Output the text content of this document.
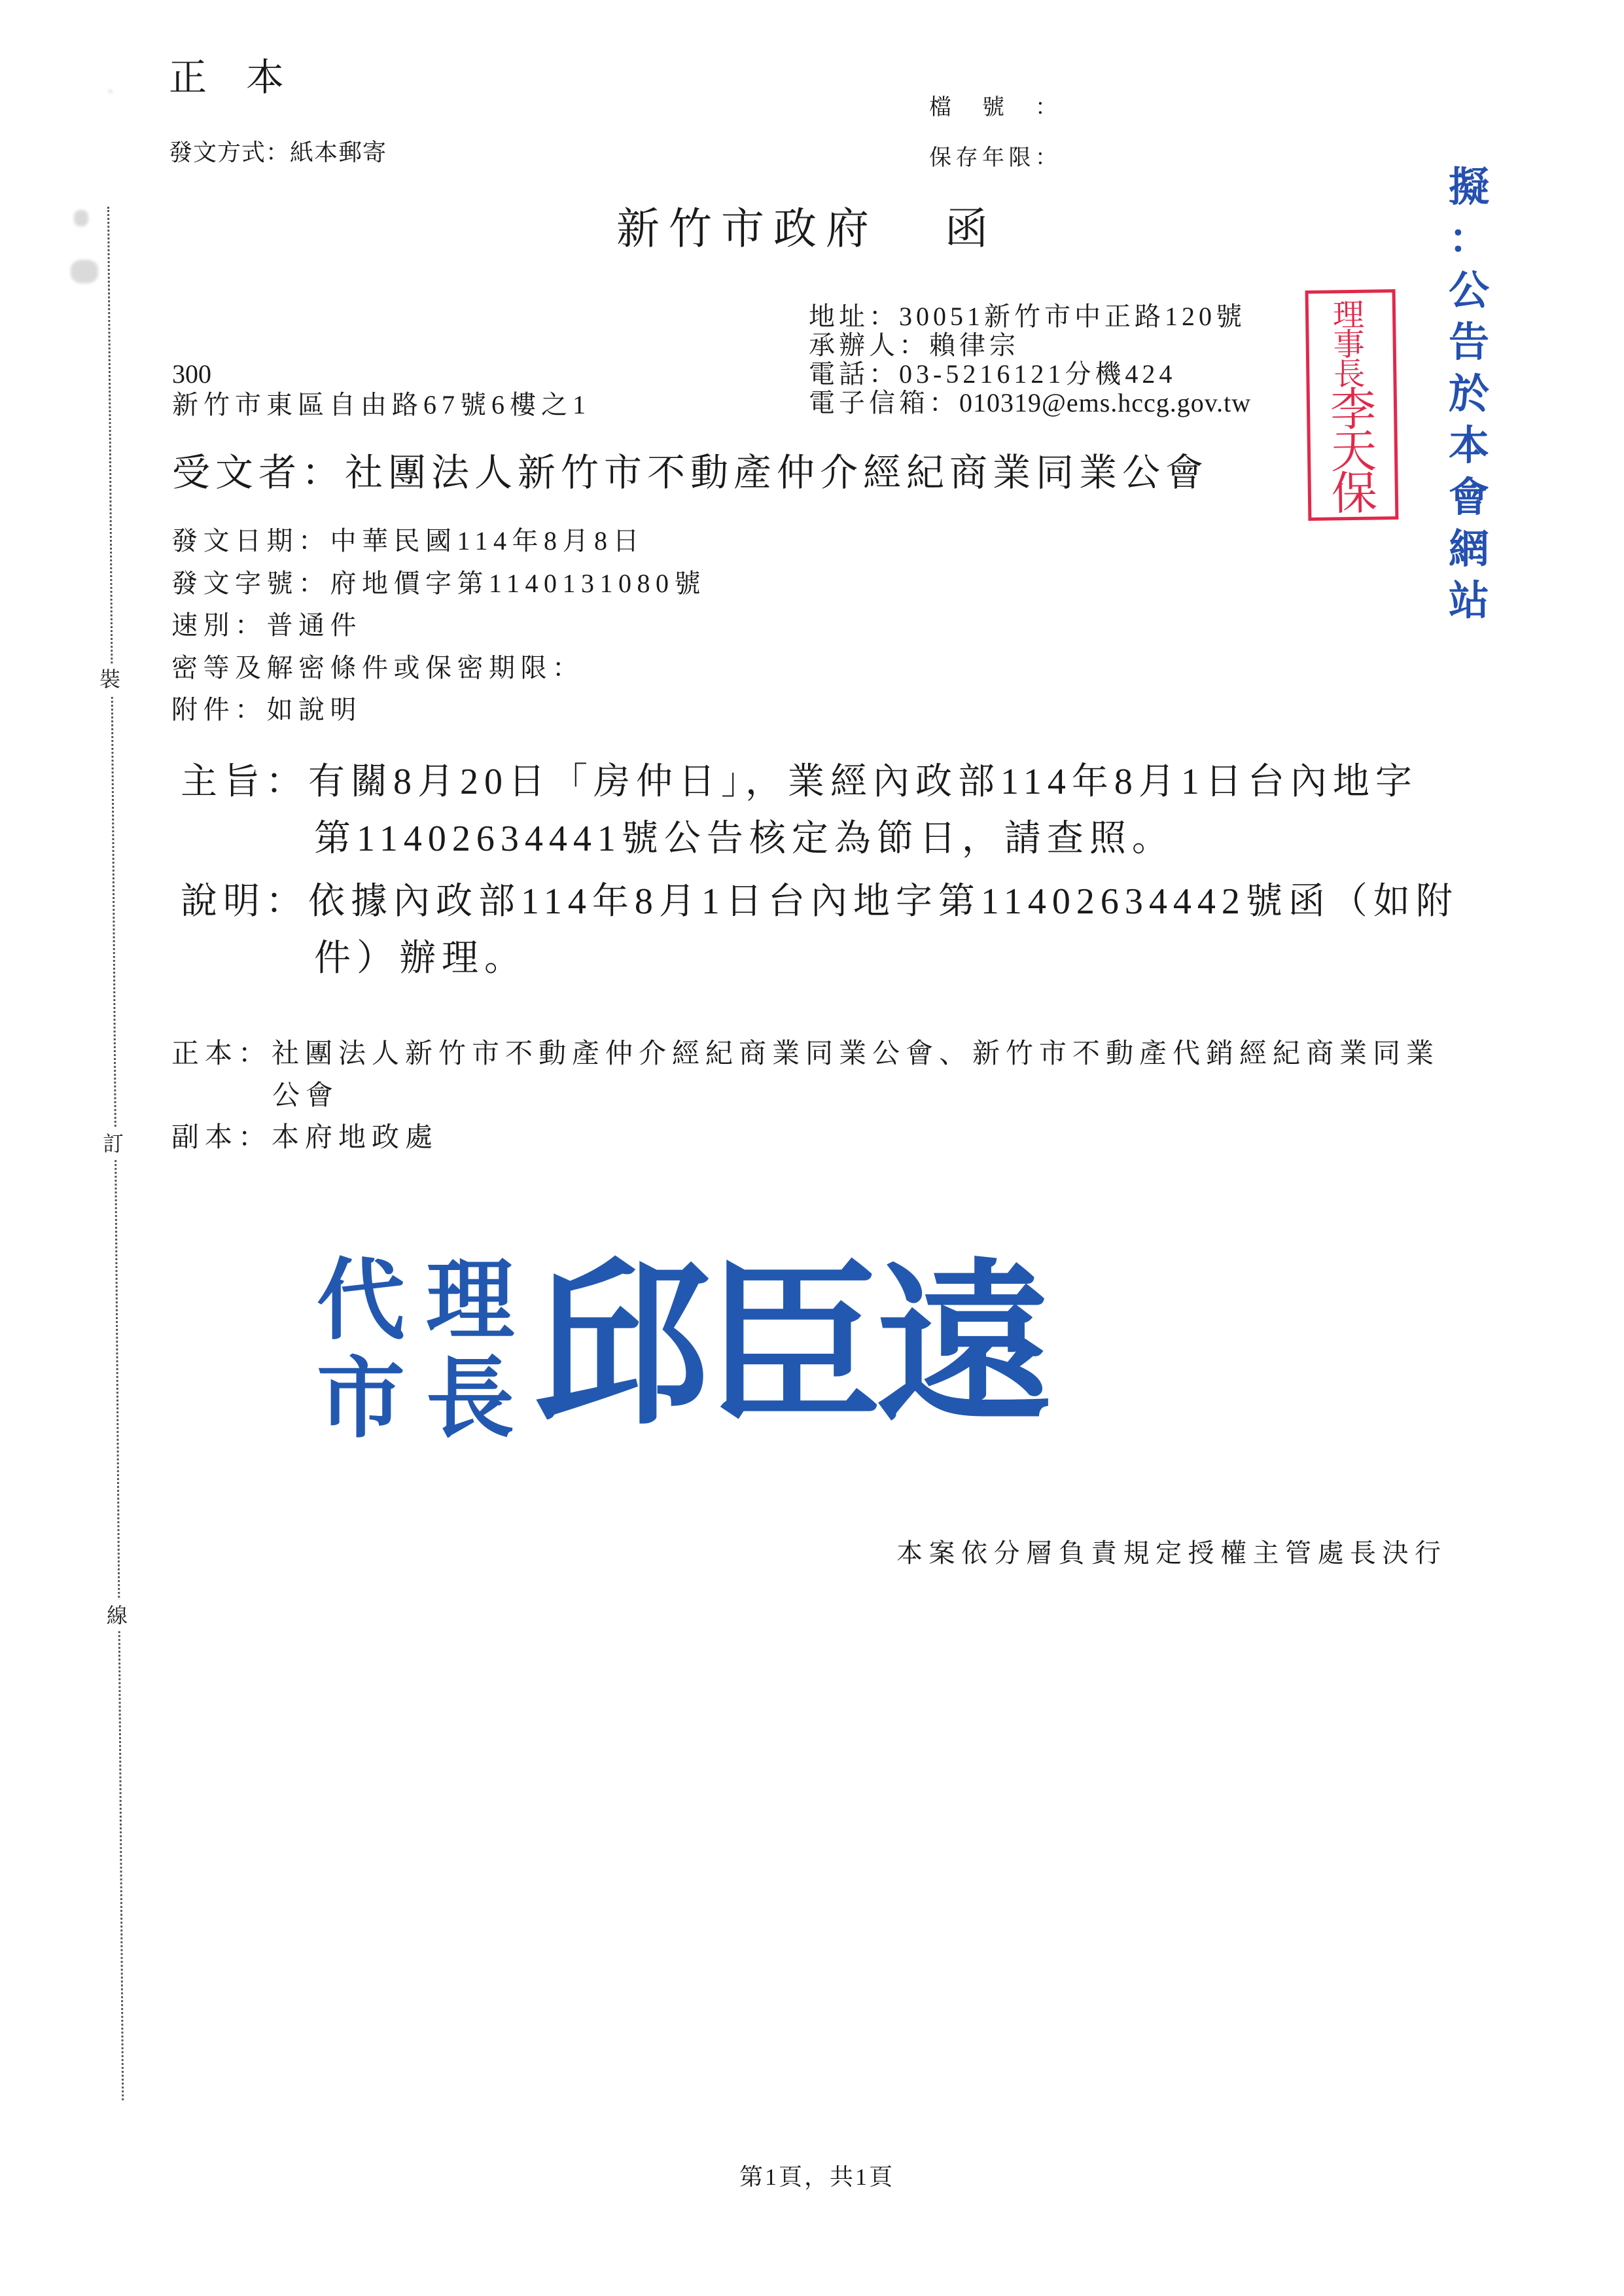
裝
訂
線
正本
發文方式：紙本郵寄
檔號：
保存年限：
新竹市政府 函
地址：30051新竹市中正路120號
承辦人：賴律宗
電話：03-5216121分機424
電子信箱：010319@ems.hccg.gov.tw
300
新竹市東區自由路67號6樓之1
受文者：社團法人新竹市不動產仲介經紀商業同業公會
發文日期：中華民國114年8月8日
發文字號：府地價字第1140131080號
速別：普通件
密等及解密條件或保密期限：
附件：如說明
主旨：有關8月20日「房仲日」，業經內政部114年8月1日台內地字
第11402634441號公告核定為節日，請查照。
說明：依據內政部114年8月1日台內地字第11402634442號函（如附
件）辦理。
正本：社團法人新竹市不動產仲介經紀商業同業公會、新竹市不動產代銷經紀商業同業
公會
副本：本府地政處
代理
市長
邱臣遠
本案依分層負責規定授權主管處長決行
第1頁，共1頁
理事長
李天保
擬：公告於本會網站
